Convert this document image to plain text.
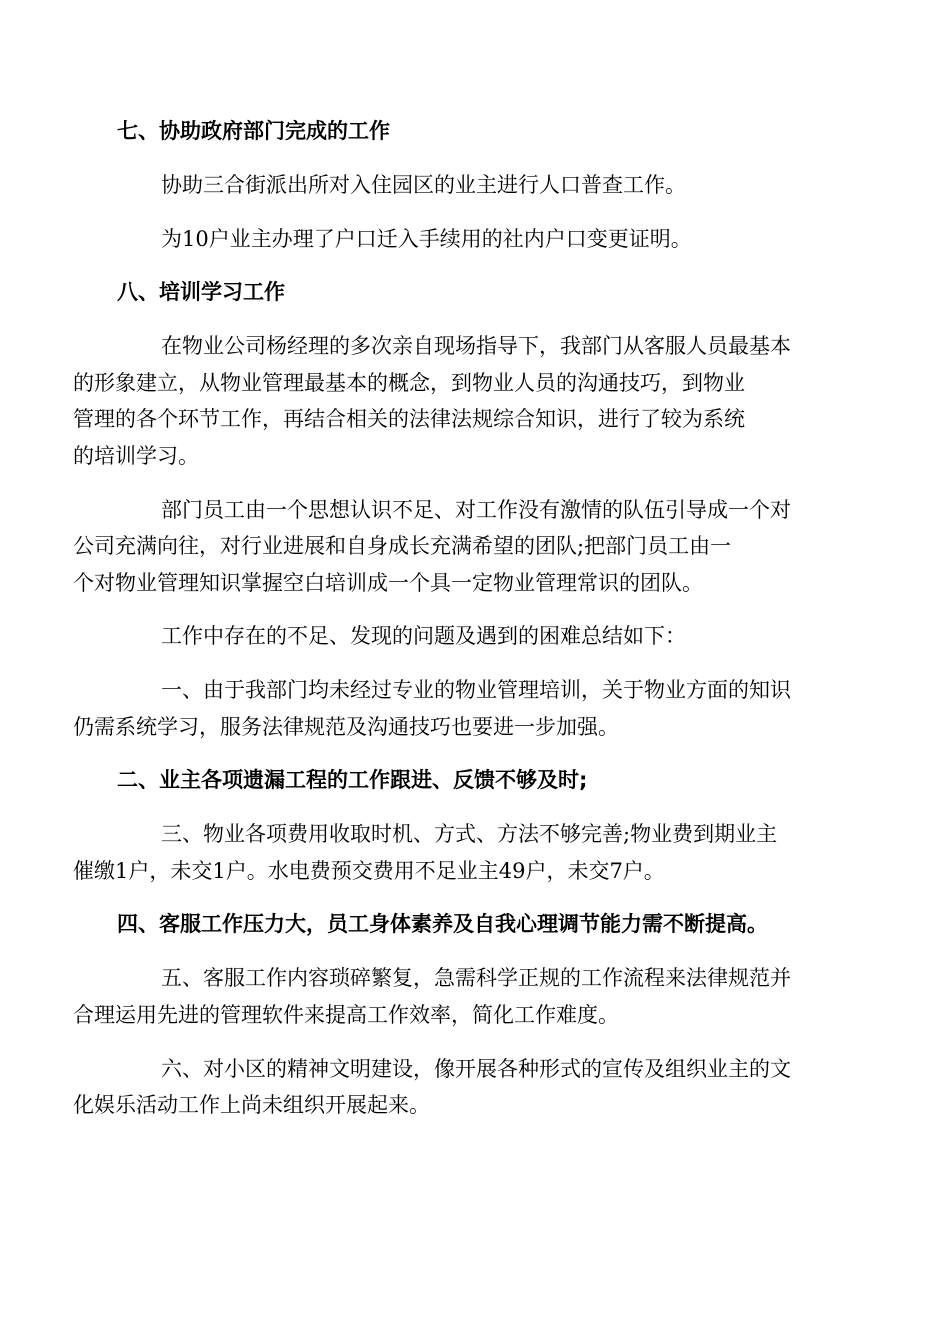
七、协助政府部门完成的工作

协助三合街派出所对入住园区的业主进行人口普查工作。

为10户业主办理了户口迁入手续用的社内户口变更证明。

八、培训学习工作

在物业公司杨经理的多次亲自现场指导下，我部门从客服人员最基本
的形象建立，从物业管理最基本的概念，到物业人员的沟通技巧，到物业
管理的各个环节工作，再结合相关的法律法规综合知识，进行了较为系统
的培训学习。

部门员工由一个思想认识不足、对工作没有激情的队伍引导成一个对
公司充满向往，对行业进展和自身成长充满希望的团队;把部门员工由一
个对物业管理知识掌握空白培训成一个具一定物业管理常识的团队。

工作中存在的不足、发现的问题及遇到的困难总结如下：

一、由于我部门均未经过专业的物业管理培训，关于物业方面的知识
仍需系统学习，服务法律规范及沟通技巧也要进一步加强。

二、业主各项遗漏工程的工作跟进、反馈不够及时;

三、物业各项费用收取时机、方式、方法不够完善;物业费到期业主
催缴1户，未交1户。水电费预交费用不足业主49户，未交7户。

四、客服工作压力大，员工身体素养及自我心理调节能力需不断提高。

五、客服工作内容琐碎繁复，急需科学正规的工作流程来法律规范并
合理运用先进的管理软件来提高工作效率，简化工作难度。

六、对小区的精神文明建设，像开展各种形式的宣传及组织业主的文
化娱乐活动工作上尚未组织开展起来。
